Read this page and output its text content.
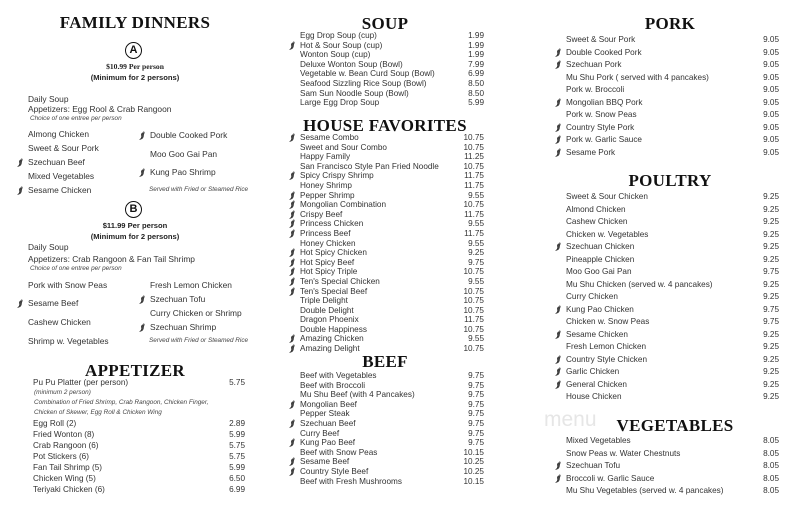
menu
FAMILY DINNERS
A
$10.99 Per person
(Minimum for 2 persons)
Daily Soup
Appetizers: Egg Rool & Crab Rangoon
Choice of one entree per person
Almong Chicken
Sweet & Sour Pork
Szechuan Beef
Mixed Vegetables
Sesame Chicken
Double Cooked Pork
Moo Goo Gai Pan
Kung Pao Shrimp
Served with Fried or Steamed Rice
B
$11.99 Per person
(Minimum for 2 persons)
Daily Soup
Appetizers: Crab Rangoon & Fan Tail Shrimp
Choice of one entree per person
Pork with Snow Peas
Sesame Beef
Cashew Chicken
Shrimp w. Vegetables
Fresh Lemon Chicken
Szechuan Tofu
Curry Chicken or Shrimp
Szechuan Shrimp
Served with Fried or Steamed Rice
APPETIZER
Pu Pu Platter (per person)	5.75
(minimum 2 person)
Combination of Fried Shrimp, Crab Rangoon, Chicken Finger,
Chicken of Skewer, Egg Roll & Chicken Wing
Egg Roll (2)	2.89
Fried Wonton (8)	5.99
Crab Rangoon (6)	5.75
Pot Stickers (6)	5.75
Fan Tail Shrimp (5)	5.99
Chicken Wing (5)	6.50
Teriyaki Chicken (6)	6.99
SOUP
Egg Drop Soup (cup)	1.99
Hot & Sour Soup (cup)	1.99
Wonton Soup (cup)	1.99
Deluxe Wonton Soup (Bowl)	7.99
Vegetable w. Bean Curd Soup (Bowl)	6.99
Seafood Sizzling Rice Soup (Bowl)	8.50
Sam Sun Noodle Soup (Bowl)	8.50
Large Egg Drop Soup	5.99
HOUSE FAVORITES
Sesame Combo	10.75
Sweet and Sour Combo	10.75
Happy Family	11.25
San Francisco Style Pan Fried Noodle	10.75
Spicy Crispy Shrimp	11.75
Honey Shrimp	11.75
Pepper Shrimp	9.55
Mongolian Combination	10.75
Crispy Beef	11.75
Princess Chicken	9.55
Princess Beef	11.75
Honey Chicken	9.55
Hot Spicy Chicken	9.25
Hot Spicy Beef	9.75
Hot Spicy Triple	10.75
Ten's Special Chicken	9.55
Ten's Special Beef	10.75
Triple Delight	10.75
Double Delight	10.75
Dragon Phoenix	11.75
Double Happiness	10.75
Amazing Chicken	9.55
Amazing Delight	10.75
BEEF
Beef with Vegetables	9.75
Beef with Broccoli	9.75
Mu Shu Beef (with 4 Pancakes)	9.75
Mongolian Beef	9.75
Pepper Steak	9.75
Szechuan Beef	9.75
Curry Beef	9.75
Kung Pao Beef	9.75
Beef with Snow Peas	10.15
Sesame Beef	10.25
Country Style Beef	10.25
Beef with Fresh Mushrooms	10.15
PORK
Sweet & Sour Pork	9.05
Double Cooked Pork	9.05
Szechuan Pork	9.05
Mu Shu Pork ( served with 4 pancakes)	9.05
Pork w. Broccoli	9.05
Mongolian BBQ Pork	9.05
Pork w. Snow Peas	9.05
Country Style Pork	9.05
Pork w. Garlic Sauce	9.05
Sesame Pork	9.05
POULTRY
Sweet & Sour Chicken	9.25
Almond Chicken	9.25
Cashew Chicken	9.25
Chicken w. Vegetables	9.25
Szechuan Chicken	9.25
Pineapple Chicken	9.25
Moo Goo Gai Pan	9.75
Mu Shu Chicken (served w. 4 pancakes)	9.25
Curry Chicken	9.25
Kung Pao Chicken	9.75
Chicken w. Snow Peas	9.75
Sesame Chicken	9.25
Fresh Lemon Chicken	9.25
Country Style Chicken	9.25
Garlic Chicken	9.25
General Chicken	9.25
House Chicken	9.25
VEGETABLES
Mixed Vegetables	8.05
Snow Peas w. Water Chestnuts	8.05
Szechuan Tofu	8.05
Broccoli w. Garlic Sauce	8.05
Mu Shu Vegetables (served w. 4 pancakes)	8.05
